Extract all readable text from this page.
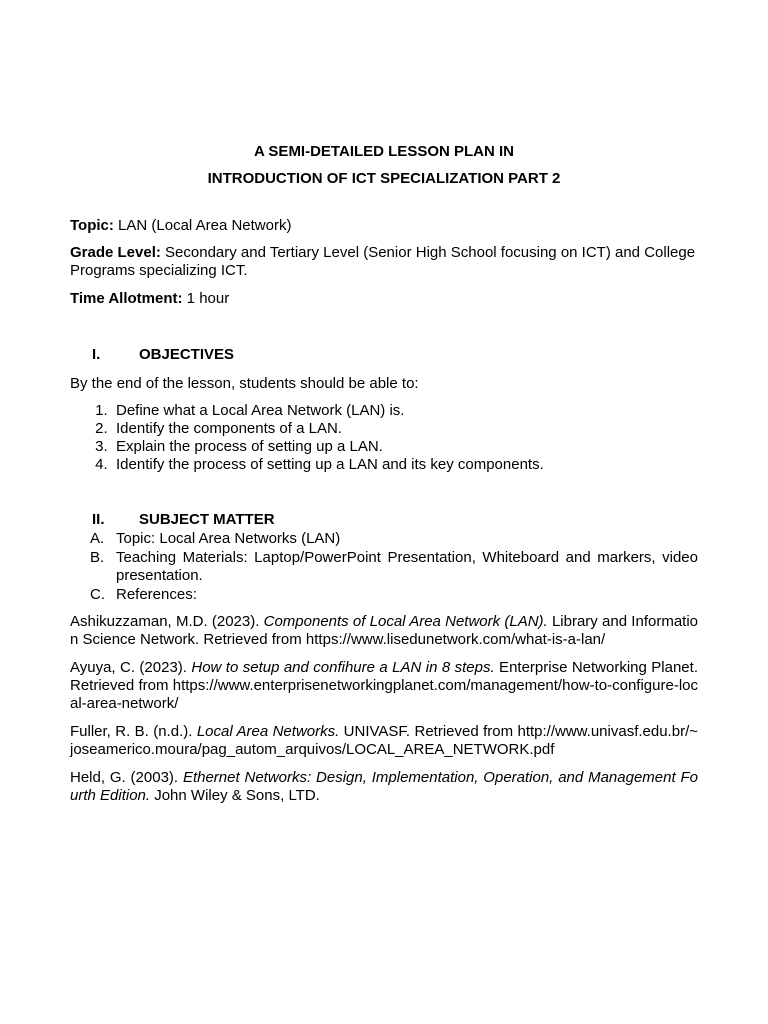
A SEMI-DETAILED LESSON PLAN IN
INTRODUCTION OF ICT SPECIALIZATION PART 2

Topic: LAN (Local Area Network)

Grade Level: Secondary and Tertiary Level (Senior High School focusing on ICT) and College Programs specializing ICT.

Time Allotment: 1 hour

I.	OBJECTIVES

By the end of the lesson, students should be able to:

1. Define what a Local Area Network (LAN) is.
2. Identify the components of a LAN.
3. Explain the process of setting up a LAN.
4. Identify the process of setting up a LAN and its key components.
II.	SUBJECT MATTER
A. Topic: Local Area Networks (LAN)
B. Teaching Materials: Laptop/PowerPoint Presentation, Whiteboard and markers, video presentation.
C. References:

Ashikuzzaman, M.D. (2023). Components of Local Area Network (LAN). Library and Information Science Network. Retrieved from https://www.lisedunetwork.com/what-is-a-lan/

Ayuya, C. (2023). How to setup and confihure a LAN in 8 steps. Enterprise Networking Planet. Retrieved from https://www.enterprisenetworkingplanet.com/management/how-to-configure-local-area-network/

Fuller, R. B. (n.d.). Local Area Networks. UNIVASF. Retrieved from http://www.univasf.edu.br/~joseamerico.moura/pag_autom_arquivos/LOCAL_AREA_NETWORK.pdf

Held, G. (2003). Ethernet Networks: Design, Implementation, Operation, and Management Fourth Edition. John Wiley & Sons, LTD.
